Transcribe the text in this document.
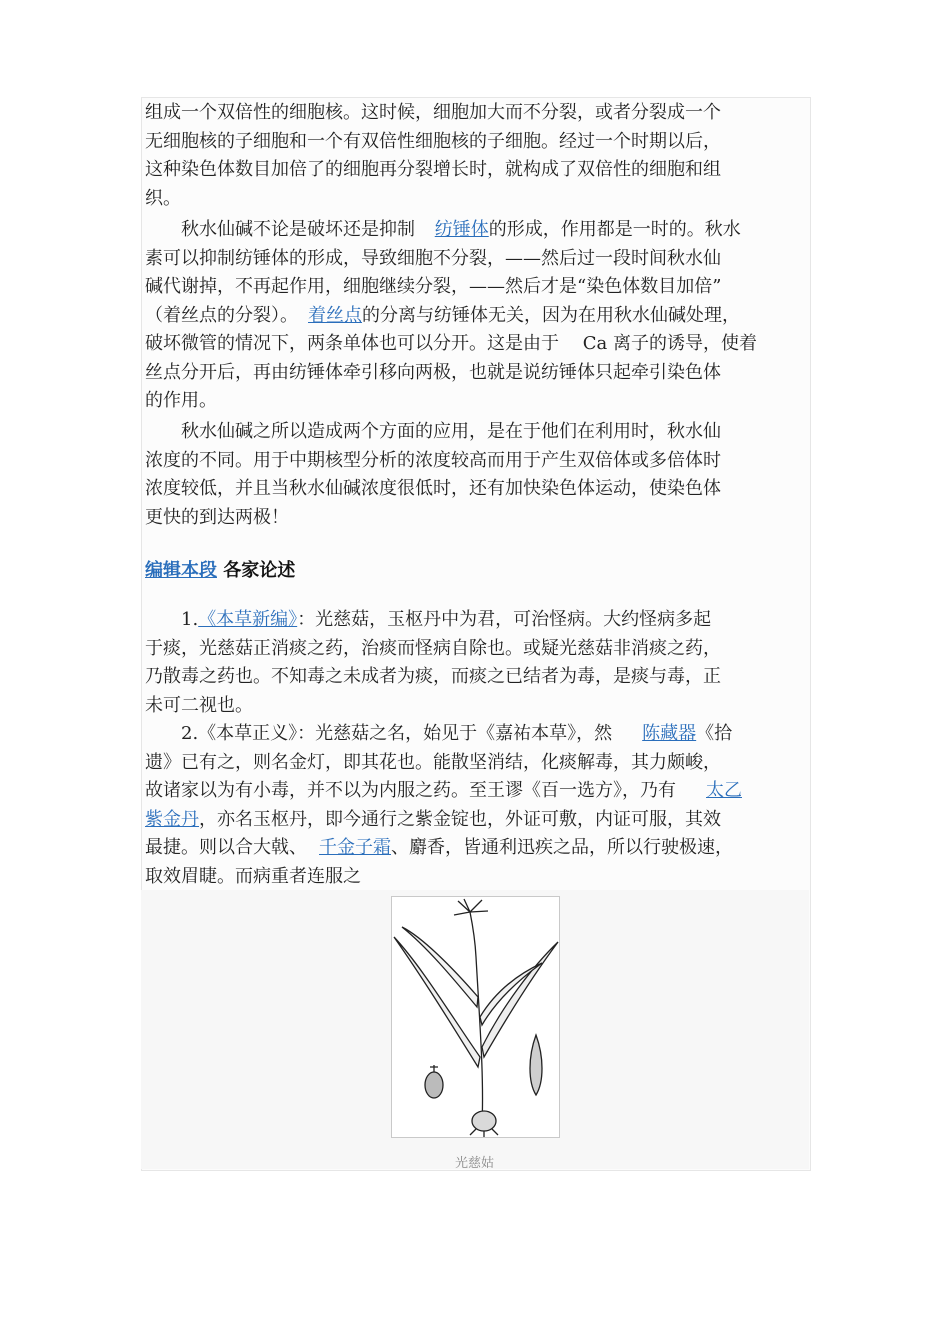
组成一个双倍性的细胞核。这时候，细胞加大而不分裂，或者分裂成一个
无细胞核的子细胞和一个有双倍性细胞核的子细胞。经过一个时期以后，
这种染色体数目加倍了的细胞再分裂增长时，就构成了双倍性的细胞和组
织。
秋水仙碱不论是破坏还是抑制 纺锤体的形成，作用都是一时的。秋水
素可以抑制纺锤体的形成，导致细胞不分裂，——然后过一段时间秋水仙
碱代谢掉，不再起作用，细胞继续分裂，——然后才是“染色体数目加倍”
（着丝点的分裂）。 着丝点的分离与纺锤体无关，因为在用秋水仙碱处理，
破坏微管的情况下，两条单体也可以分开。这是由于　 Ca 离子的诱导，使着
丝点分开后，再由纺锤体牵引移向两极，也就是说纺锤体只起牵引染色体
的作用。
秋水仙碱之所以造成两个方面的应用，是在于他们在利用时，秋水仙
浓度的不同。用于中期核型分析的浓度较高而用于产生双倍体或多倍体时
浓度较低，并且当秋水仙碱浓度很低时，还有加快染色体运动，使染色体
更快的到达两极！
编辑本段 各家论述
1.《本草新编》：光慈菇，玉枢丹中为君，可治怪病。大约怪病多起
于痰，光慈菇正消痰之药，治痰而怪病自除也。或疑光慈菇非消痰之药，
乃散毒之药也。不知毒之未成者为痰，而痰之已结者为毒，是痰与毒，正
未可二视也。
2.《本草正义》：光慈菇之名，始见于《嘉祐本草》，然 陈藏器《拾
遗》已有之，则名金灯，即其花也。能散坚消结，化痰解毒，其力颇峻，
故诸家以为有小毒，并不以为内服之药。至王谬《百一选方》，乃有 太乙
紫金丹，亦名玉枢丹，即今通行之紫金锭也，外证可敷，内证可服，其效
最捷。则以合大戟、 千金子霜、麝香，皆通利迅疾之品，所以行驶极速，
取效眉睫。而病重者连服之
光慈姑
